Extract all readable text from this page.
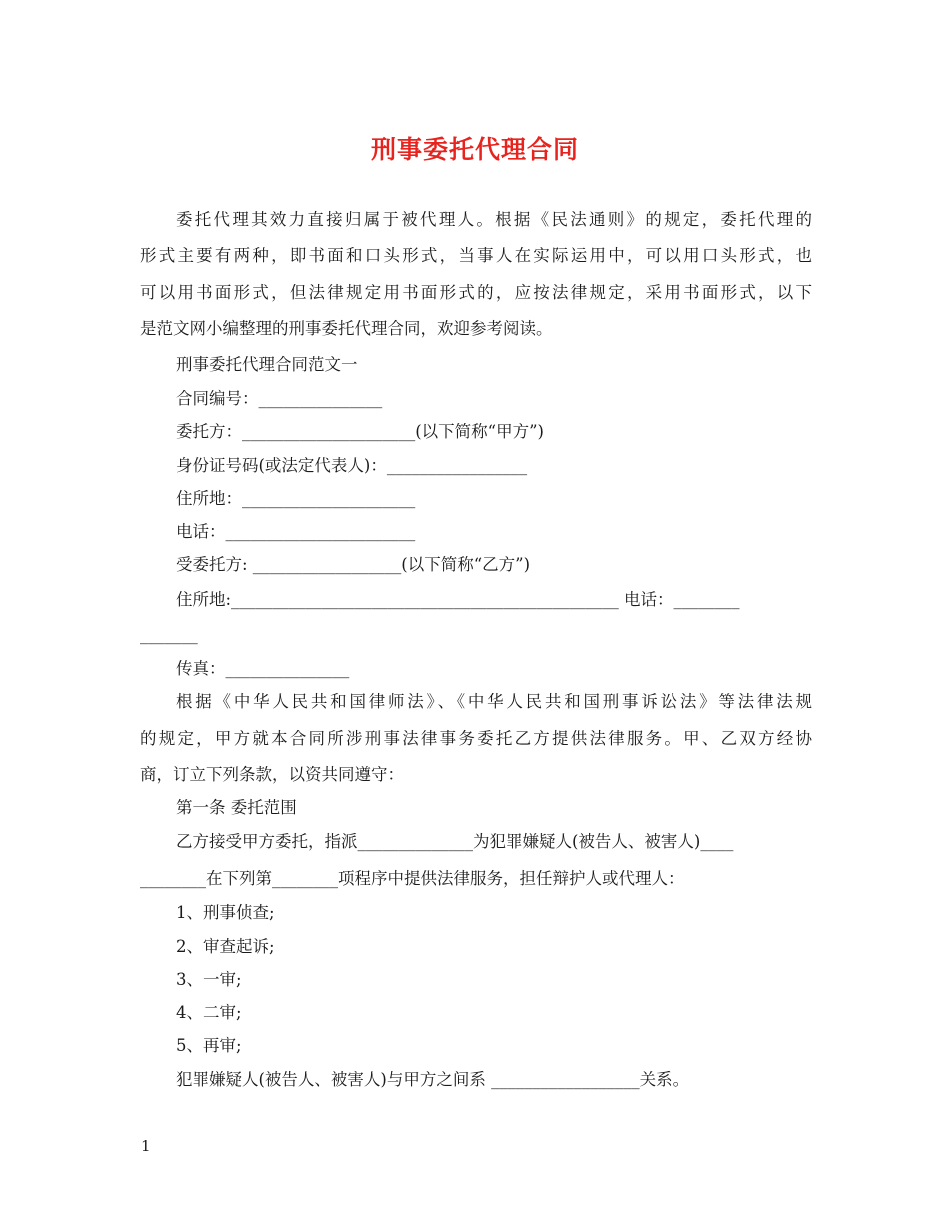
刑事委托代理合同
委托代理其效力直接归属于被代理人。根据《民法通则》的规定，委托代理的
形式主要有两种，即书面和口头形式，当事人在实际运用中，可以用口头形式，也
可以用书面形式，但法律规定用书面形式的，应按法律规定，采用书面形式，以下
是范文网小编整理的刑事委托代理合同，欢迎参考阅读。
刑事委托代理合同范文一
合同编号：_______________
委托方：_____________________(以下简称“甲方”)
身份证号码(或法定代表人)：_________________
住所地：_____________________
电话：_______________________
受委托方: __________________(以下简称“乙方”)
住所地:_______________________________________________ 电话：________
_______
传真：_______________
根据《中华人民共和国律师法》、《中华人民共和国刑事诉讼法》等法律法规
的规定，甲方就本合同所涉刑事法律事务委托乙方提供法律服务。甲、乙双方经协
商，订立下列条款，以资共同遵守：
第一条 委托范围
乙方接受甲方委托，指派______________为犯罪嫌疑人(被告人、被害人)____
________在下列第________项程序中提供法律服务，担任辩护人或代理人：
1、刑事侦查;
2、审查起诉;
3、一审;
4、二审;
5、再审;
犯罪嫌疑人(被告人、被害人)与甲方之间系 __________________关系。
1
